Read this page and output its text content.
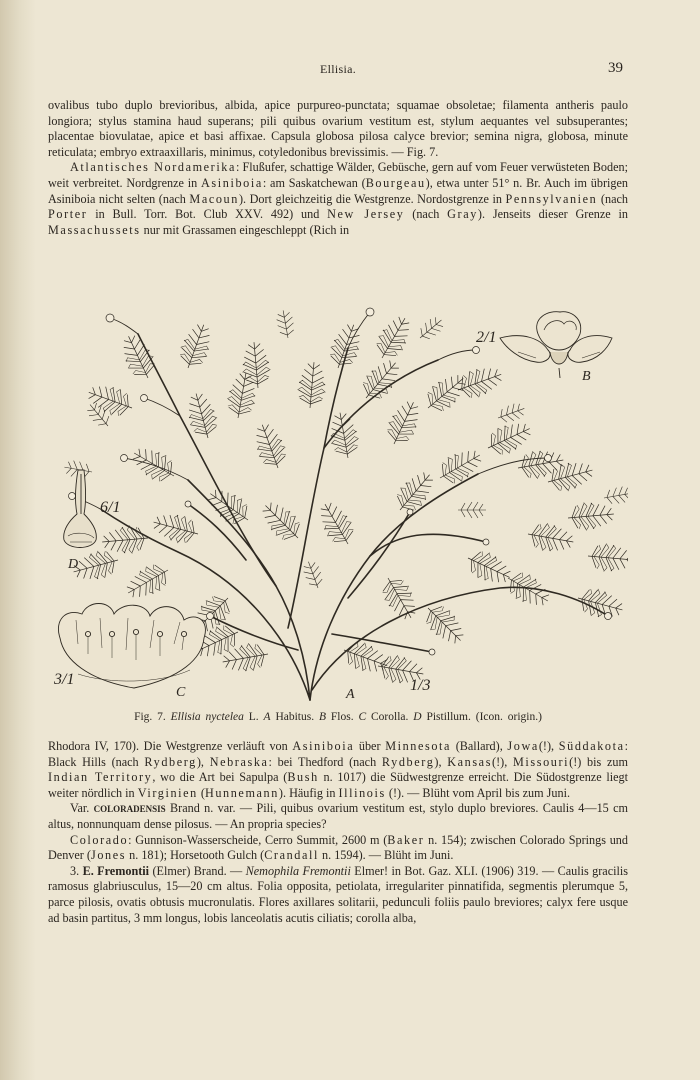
Ellisia.	39

ovalibus tubo duplo brevioribus, albida, apice purpureo-punctata; squamae obsoletae; filamenta antheris paulo longiora; stylus stamina haud superans; pili quibus ovarium vestitum est, stylum aequantes vel subsuperantes; placentae biovulatae, apice et basi affixae. Capsula globosa pilosa calyce brevior; semina nigra, globosa, minute reticulata; embryo extraaxillaris, minimus, cotyledonibus brevissimis. — Fig. 7.

Atlantisches Nordamerika: Flußufer, schattige Wälder, Gebüsche, gern auf vom Feuer verwüsteten Boden; weit verbreitet. Nordgrenze in Asiniboia: am Saskatchewan (Bourgeau), etwa unter 51° n. Br. Auch im übrigen Asiniboia nicht selten (nach Macoun). Dort gleichzeitig die Westgrenze. Nordostgrenze in Pennsylvanien (nach Porter in Bull. Torr. Bot. Club XXV. 492) und New Jersey (nach Gray). Jenseits dieser Grenze in Massachussets nur mit Grassamen eingeschleppt (Rich in

2/1
B
6/1
D
3/1
C	A
1/3
Fig. 7. Ellisia nyctelea L. A Habitus. B Flos. C Corolla. D Pistillum. (Icon. origin.)

Rhodora IV, 170). Die Westgrenze verläuft von Asiniboia über Minnesota (Ballard), Jowa(!), Süddakota: Black Hills (nach Rydberg), Nebraska: bei Thedford (nach Rydberg), Kansas(!), Missouri(!) bis zum Indian Territory, wo die Art bei Sapulpa (Bush n. 1017) die Südwestgrenze erreicht. Die Südostgrenze liegt weiter nördlich in Virginien (Hunnemann). Häufig in Illinois (!). — Blüht vom April bis zum Juni.

Var. coloradensis Brand n. var. — Pili, quibus ovarium vestitum est, stylo duplo breviores. Caulis 4—15 cm altus, nonnunquam dense pilosus. — An propria species?

Colorado: Gunnison-Wasserscheide, Cerro Summit, 2600 m (Baker n. 154); zwischen Colorado Springs und Denver (Jones n. 181); Horsetooth Gulch (Crandall n. 1594). — Blüht im Juni.

3. E. Fremontii (Elmer) Brand. — Nemophila Fremontii Elmer! in Bot. Gaz. XLI. (1906) 319. — Caulis gracilis ramosus glabriusculus, 15—20 cm altus. Folia opposita, petiolata, irregulariter pinnatifida, segmentis plerumque 5, parce pilosis, ovatis obtusis mucronulatis. Flores axillares solitarii, pedunculi foliis paulo breviores; calyx fere usque ad basin partitus, 3 mm longus, lobis lanceolatis acutis ciliatis; corolla alba,
